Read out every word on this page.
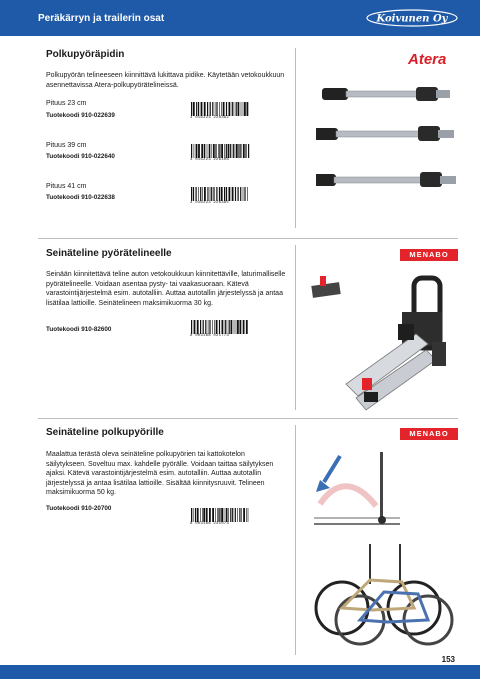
Peräkärryn ja trailerin osat	Koivunen Oy
Polkupyöräpidin	Atera
Polkupyörän telineeseen kiinnittävä lukittava pidike. Käytetään vetokoukkuun asennettavissa Atera-polkupyörätelineissä.
Pituus 23 cm
Tuotekoodi 910-022639	4 016223 226392
Pituus 39 cm
Tuotekoodi 910-022640	4 016223 226408
Pituus 41 cm
Tuotekoodi 910-022638
4 016223 226385
Seinäteline pyörätelineelle	MENABO
Seinään kiinnitettävä teline auton vetokoukkuun kiinnitettäville, laturimalliselle pyörätelineelle. Voidaan asentaa pysty- tai vaakasuoraan. Kätevä varastointijärjestelmä esim. autotalliin. Auttaa autotallin järjestelyssä ja antaa lisätilaa lattioille. Seinätelineen maksimikuorma 30 kg.
Tuotekoodi 910-82600
8 003168 021773
Seinäteline polkupyörille	MENABO
Maalattua terästä oleva seinäteline polkupyörien tai kattokotelon säilytykseen. Soveltuu max. kahdelle pyörälle. Voidaan taittaa säilytyksen ajaksi. Kätevä varastointijärjestelmä esim. autotalliin. Auttaa autotallin järjestelyssä ja antaa lisätilaa lattioille. Sisältää kiinnitysruuvit. Telineen maksimikuorma 50 kg.
Tuotekoodi 910-20700
8 003168 231073
153
